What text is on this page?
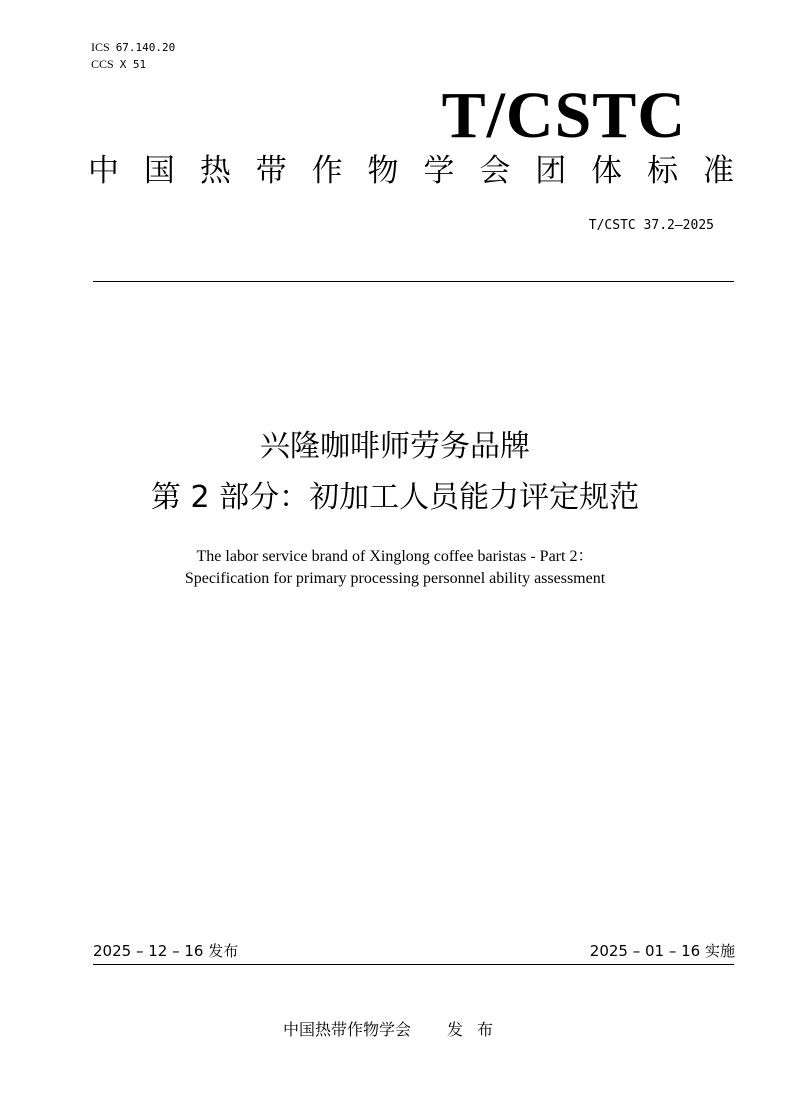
ICS 67.140.20
CCS X 51
T/CSTC
中 国 热 带 作 物 学 会 团 体 标 准
T/CSTC 37.2—2025
兴隆咖啡师劳务品牌
第 2 部分：初加工人员能力评定规范
The labor service brand of Xinglong coffee baristas - Part 2：
Specification for primary processing personnel ability assessment
2025 – 12 – 16 发布	2025 – 01 – 16 实施
中国热带作物学会 发布
